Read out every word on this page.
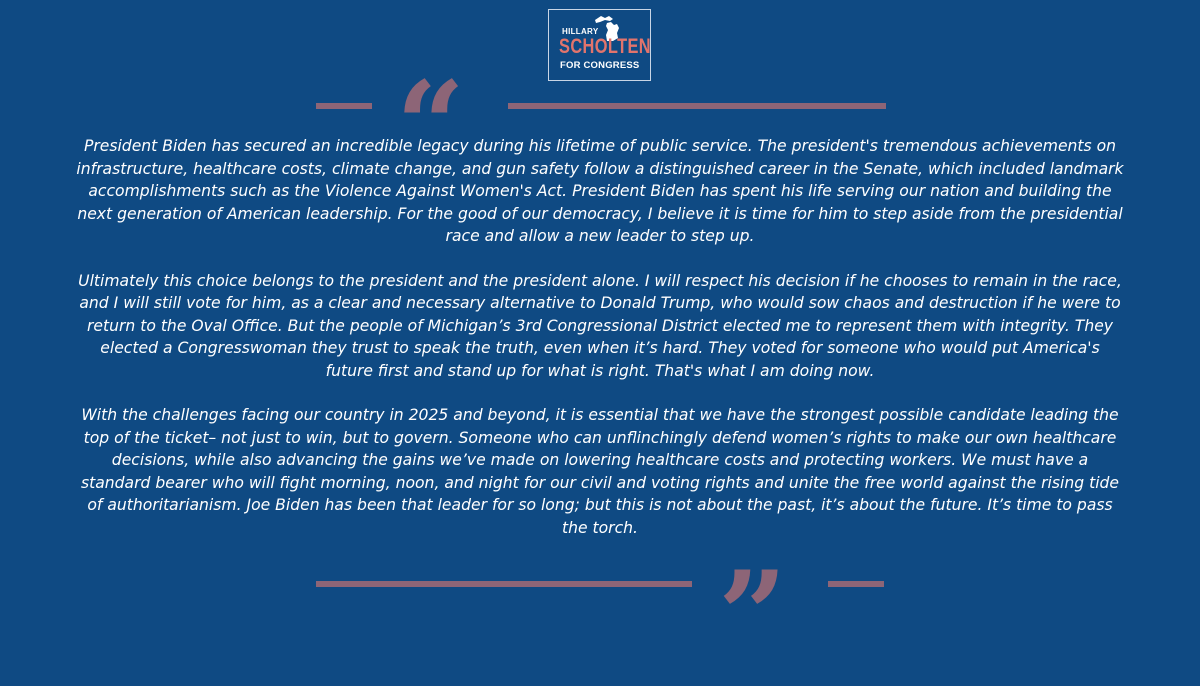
HILLARY
SCHOLTEN
FOR CONGRESS
“

President Biden has secured an incredible legacy during his lifetime of public service. The president's tremendous achievements on infrastructure, healthcare costs, climate change, and gun safety follow a distinguished career in the Senate, which included landmark accomplishments such as the Violence Against Women's Act. President Biden has spent his life serving our nation and building the next generation of American leadership. For the good of our democracy, I believe it is time for him to step aside from the presidential race and allow a new leader to step up.

Ultimately this choice belongs to the president and the president alone. I will respect his decision if he chooses to remain in the race, and I will still vote for him, as a clear and necessary alternative to Donald Trump, who would sow chaos and destruction if he were to return to the Oval Office. But the people of Michigan’s 3rd Congressional District elected me to represent them with integrity. They elected a Congresswoman they trust to speak the truth, even when it’s hard. They voted for someone who would put America's future first and stand up for what is right. That's what I am doing now.

With the challenges facing our country in 2025 and beyond, it is essential that we have the strongest possible candidate leading the top of the ticket– not just to win, but to govern. Someone who can unflinchingly defend women’s rights to make our own healthcare decisions, while also advancing the gains we’ve made on lowering healthcare costs and protecting workers. We must have a standard bearer who will fight morning, noon, and night for our civil and voting rights and unite the free world against the rising tide of authoritarianism. Joe Biden has been that leader for so long; but this is not about the past, it’s about the future. It’s time to pass the torch.

”
